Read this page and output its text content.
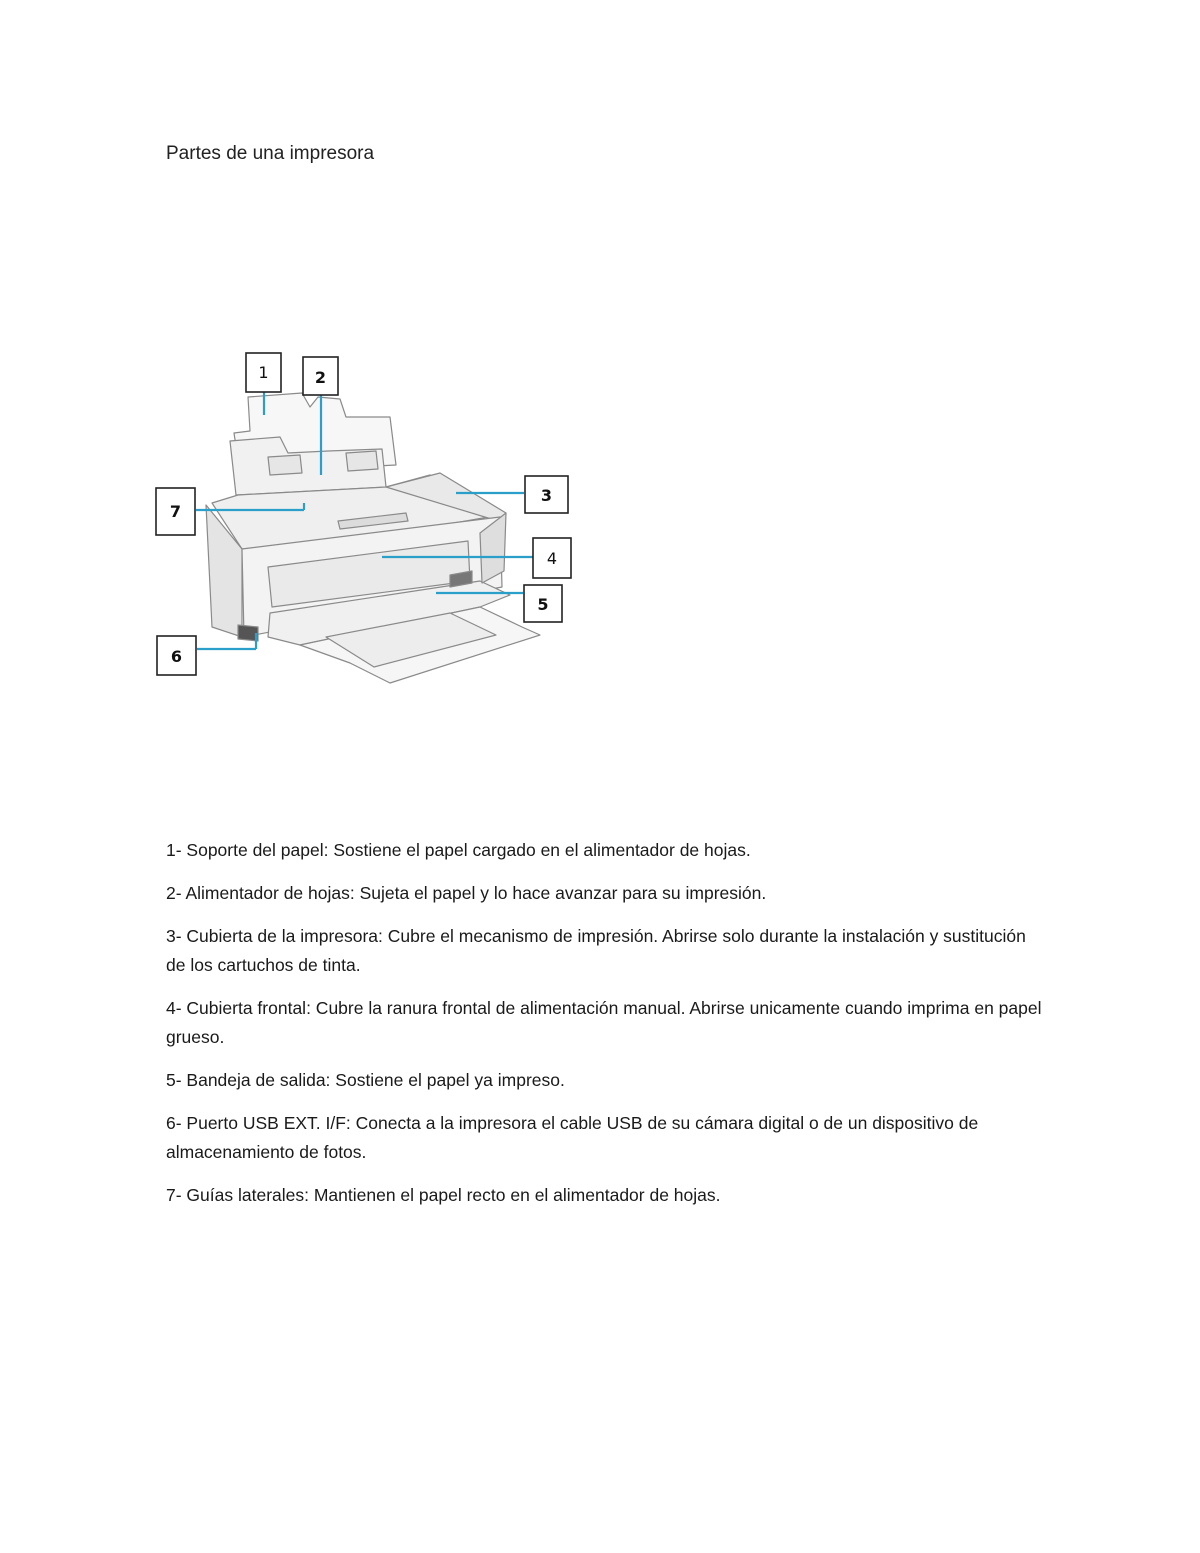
Partes de una impresora
1	2
3
4
5
6
7

1- Soporte del papel: Sostiene el papel cargado en el alimentador de hojas.

2- Alimentador de hojas: Sujeta el papel y lo hace avanzar para su impresión.

3- Cubierta de la impresora: Cubre el mecanismo de impresión. Abrirse solo durante la instalación y sustitución de los cartuchos de tinta.

4- Cubierta frontal: Cubre la ranura frontal de alimentación manual. Abrirse unicamente cuando imprima en papel grueso.

5- Bandeja de salida: Sostiene el papel ya impreso.

6- Puerto USB EXT. I/F: Conecta a la impresora el cable USB de su cámara digital o de un dispositivo de almacenamiento de fotos.

7- Guías laterales: Mantienen el papel recto en el alimentador de hojas.
